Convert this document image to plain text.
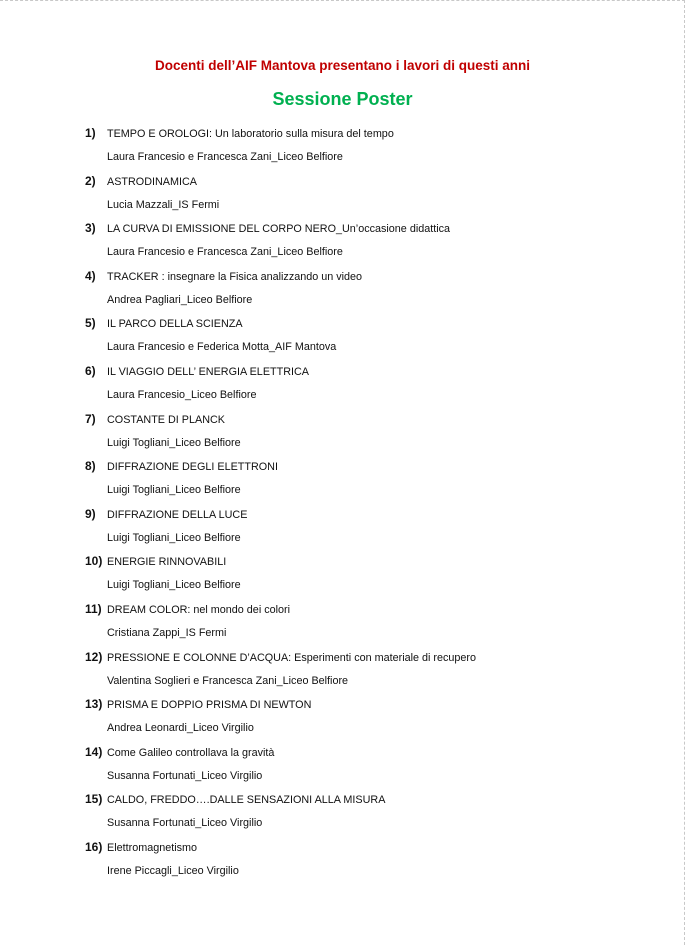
Docenti dell’AIF Mantova presentano i lavori di questi anni
Sessione Poster
1) TEMPO E OROLOGI: Un laboratorio sulla misura del tempo
Laura Francesio e Francesca Zani_Liceo Belfiore
2) ASTRODINAMICA
Lucia Mazzali_IS Fermi
3) LA CURVA DI EMISSIONE DEL CORPO NERO_Un’occasione didattica
Laura Francesio e Francesca Zani_Liceo Belfiore
4) TRACKER : insegnare la Fisica analizzando un video
Andrea Pagliari_Liceo Belfiore
5) IL PARCO DELLA SCIENZA
Laura Francesio e Federica Motta_AIF Mantova
6) IL VIAGGIO DELL’ ENERGIA ELETTRICA
Laura Francesio_Liceo Belfiore
7) COSTANTE DI PLANCK
Luigi Togliani_Liceo Belfiore
8) DIFFRAZIONE DEGLI ELETTRONI
Luigi Togliani_Liceo Belfiore
9) DIFFRAZIONE DELLA LUCE
Luigi Togliani_Liceo Belfiore
10) ENERGIE RINNOVABILI
Luigi Togliani_Liceo Belfiore
11) DREAM COLOR: nel mondo dei colori
Cristiana Zappi_IS Fermi
12) PRESSIONE E COLONNE D’ACQUA: Esperimenti con materiale di recupero
Valentina Soglieri e Francesca Zani_Liceo Belfiore
13) PRISMA E DOPPIO PRISMA DI NEWTON
Andrea Leonardi_Liceo Virgilio
14) Come Galileo controllava la gravità
Susanna Fortunati_Liceo Virgilio
15) CALDO, FREDDO….DALLE SENSAZIONI ALLA MISURA
Susanna Fortunati_Liceo Virgilio
16) Elettromagnetismo
Irene Piccagli_Liceo Virgilio
